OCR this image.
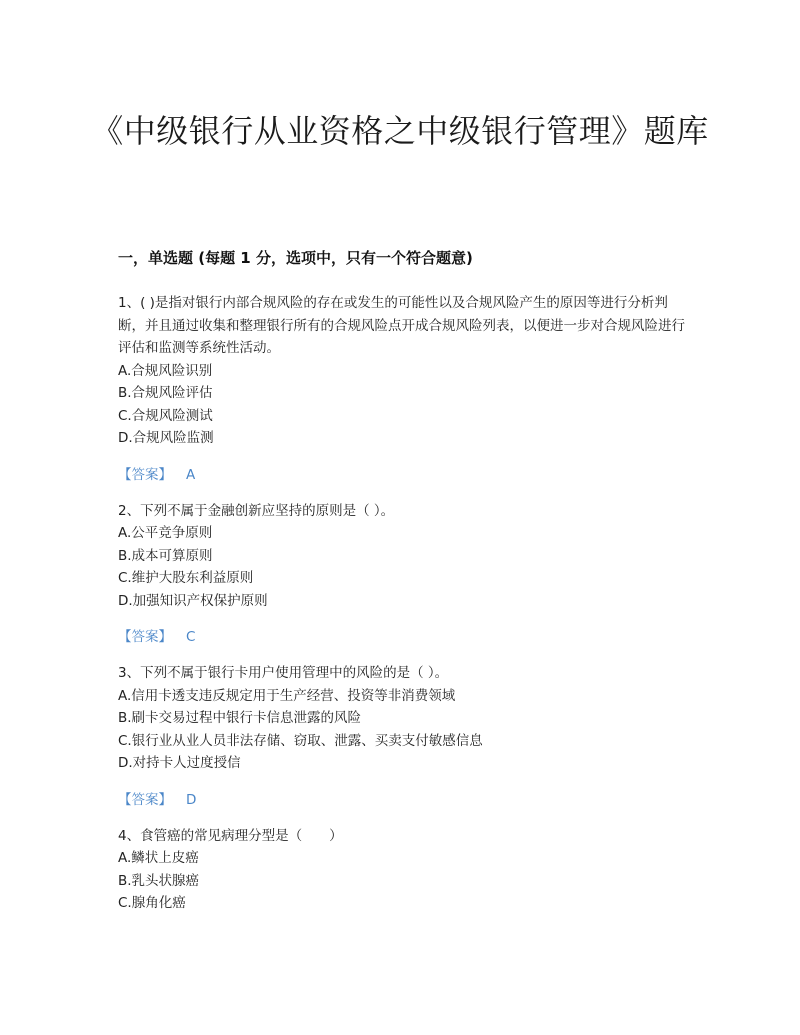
《中级银行从业资格之中级银行管理》题库
一，单选题 (每题 1 分，选项中，只有一个符合题意)

1、( )是指对银行内部合规风险的存在或发生的可能性以及合规风险产生的原因等进行分析判断，并且通过收集和整理银行所有的合规风险点开成合规风险列表，以便进一步对合规风险进行评估和监测等系统性活动。

A.合规风险识别

B.合规风险评估

C.合规风险测试

D.合规风险监测

【答案】 A

2、下列不属于金融创新应坚持的原则是（ ）。

A.公平竞争原则

B.成本可算原则

C.维护大股东利益原则

D.加强知识产权保护原则

【答案】 C

3、下列不属于银行卡用户使用管理中的风险的是（ ）。

A.信用卡透支违反规定用于生产经营、投资等非消费领域

B.刷卡交易过程中银行卡信息泄露的风险

C.银行业从业人员非法存储、窃取、泄露、买卖支付敏感信息

D.对持卡人过度授信

【答案】 D

4、食管癌的常见病理分型是（　　）

A.鳞状上皮癌

B.乳头状腺癌

C.腺角化癌
